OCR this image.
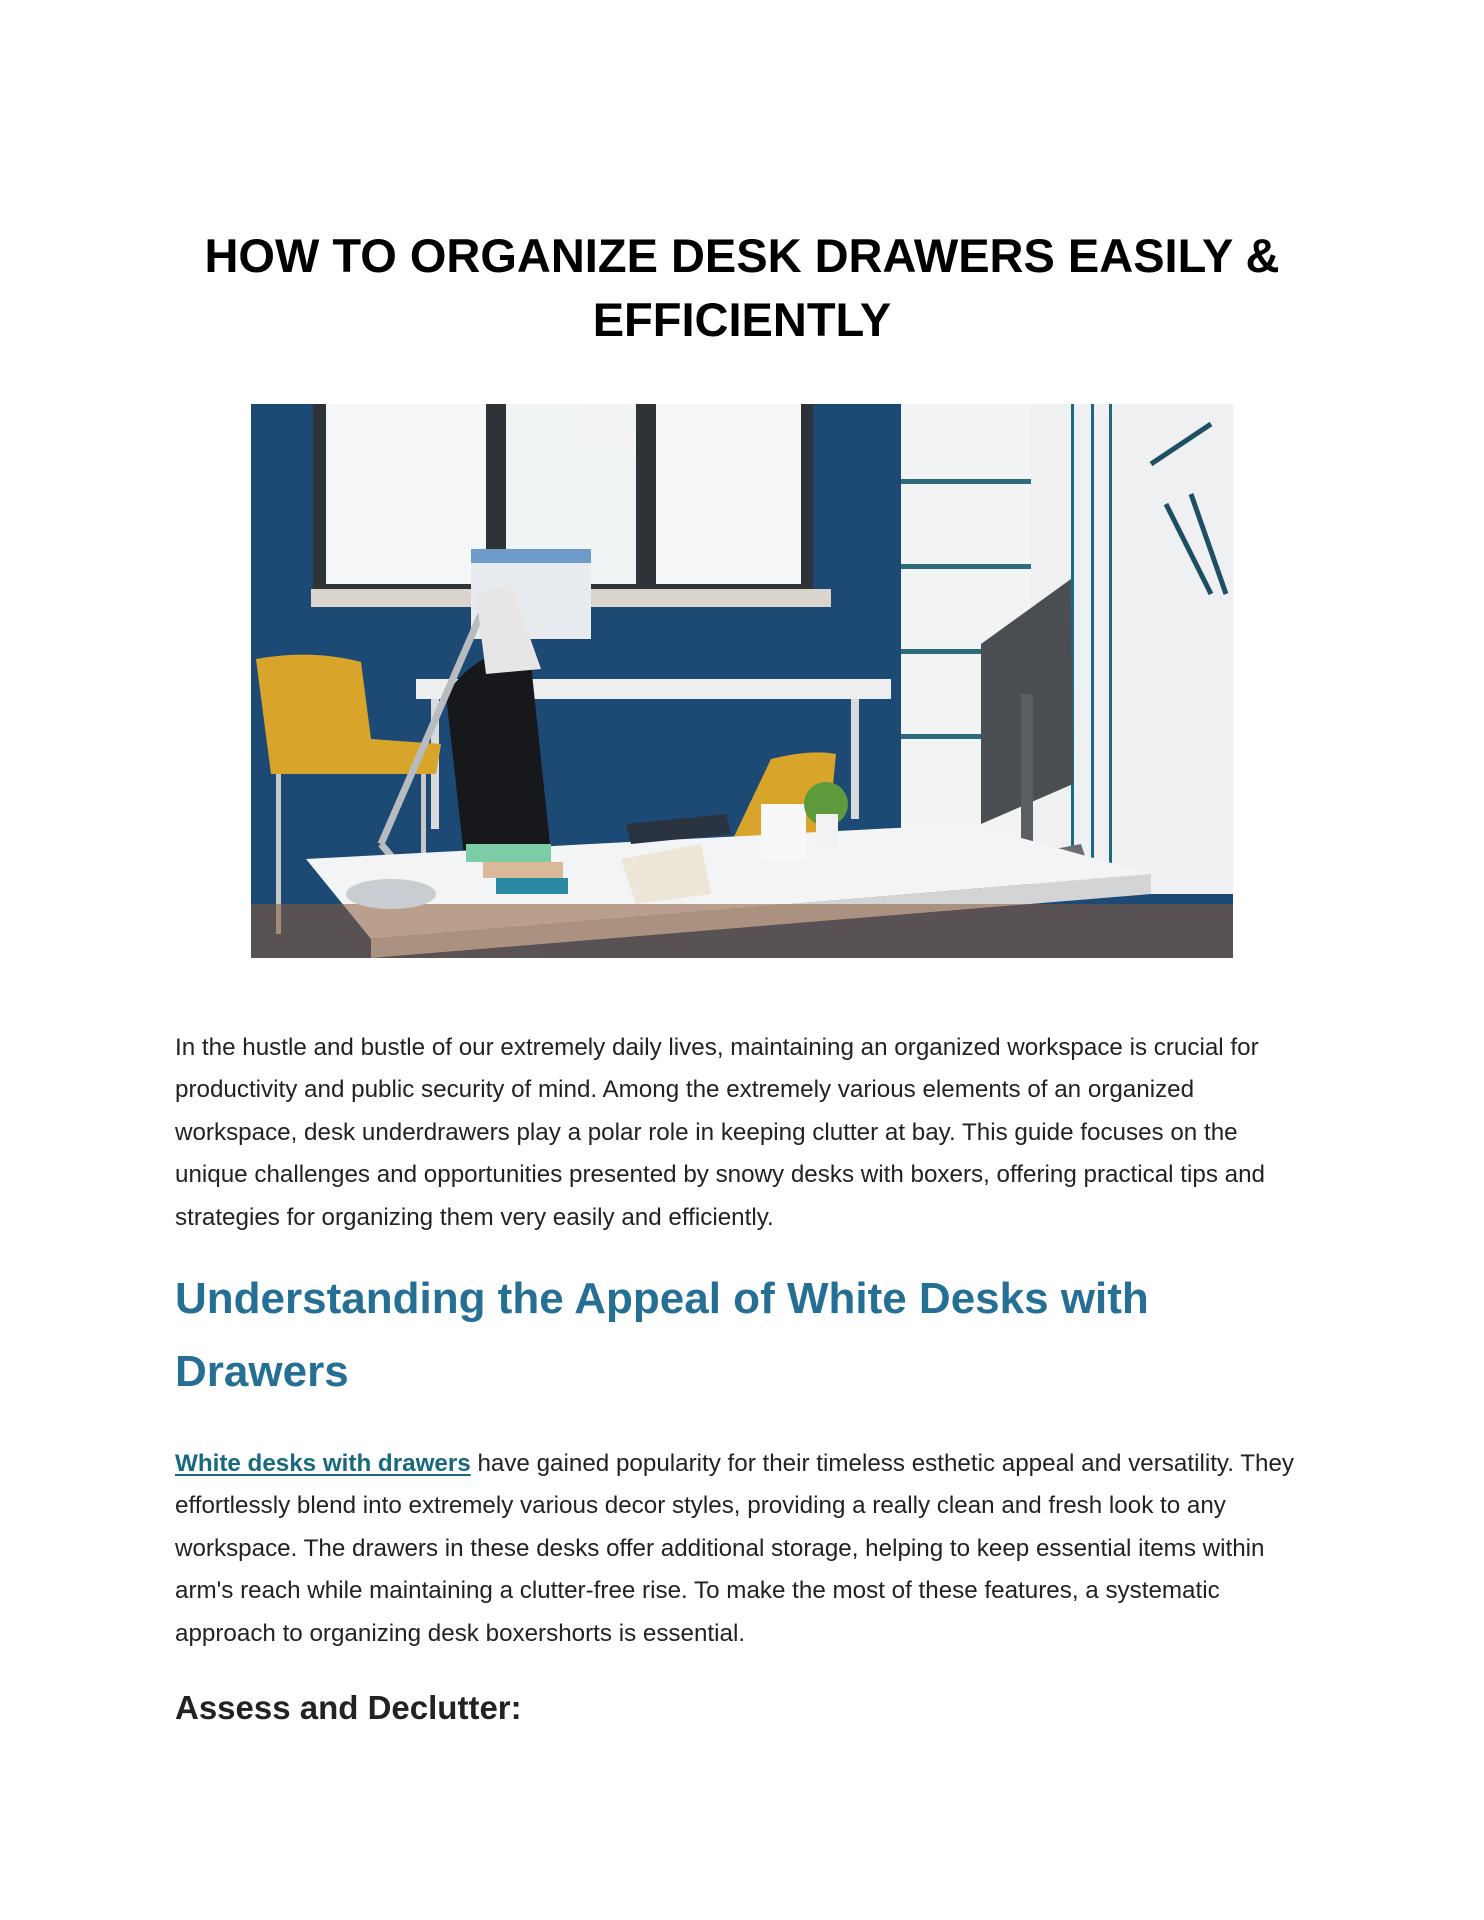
HOW TO ORGANIZE DESK DRAWERS EASILY & EFFICIENTLY

In the hustle and bustle of our extremely daily lives, maintaining an organized workspace is crucial for productivity and public security of mind. Among the extremely various elements of an organized workspace, desk underdrawers play a polar role in keeping clutter at bay. This guide focuses on the unique challenges and opportunities presented by snowy desks with boxers, offering practical tips and strategies for organizing them very easily and efficiently.

Understanding the Appeal of White Desks with Drawers

White desks with drawers have gained popularity for their timeless esthetic appeal and versatility. They effortlessly blend into extremely various decor styles, providing a really clean and fresh look to any workspace. The drawers in these desks offer additional storage, helping to keep essential items within arm's reach while maintaining a clutter-free rise. To make the most of these features, a systematic approach to organizing desk boxershorts is essential.

Assess and Declutter:
